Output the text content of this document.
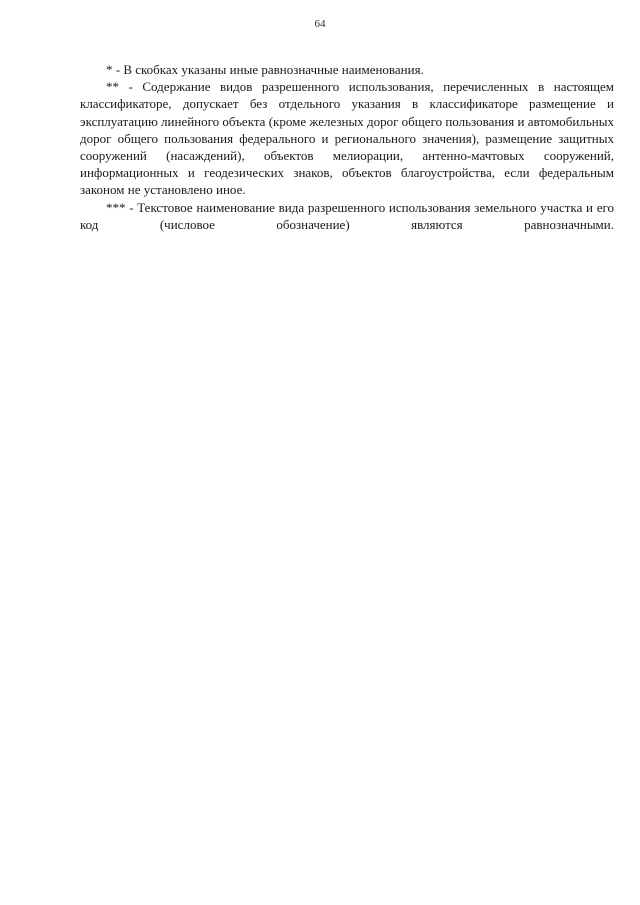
64

* - В скобках указаны иные равнозначные наименования.

** - Содержание видов разрешенного использования, перечисленных в настоящем классификаторе, допускает без отдельного указания в классификаторе размещение и эксплуатацию линейного объекта (кроме железных дорог общего пользования и автомобильных дорог общего пользования федерального и регионального значения), размещение защитных сооружений (насаждений), объектов мелиорации, антенно-мачтовых сооружений, информационных и геодезических знаков, объектов благоустройства, если федеральным законом не установлено иное.

*** - Текстовое наименование вида разрешенного использования земельного участка и его код (числовое обозначение) являются равнозначными.
